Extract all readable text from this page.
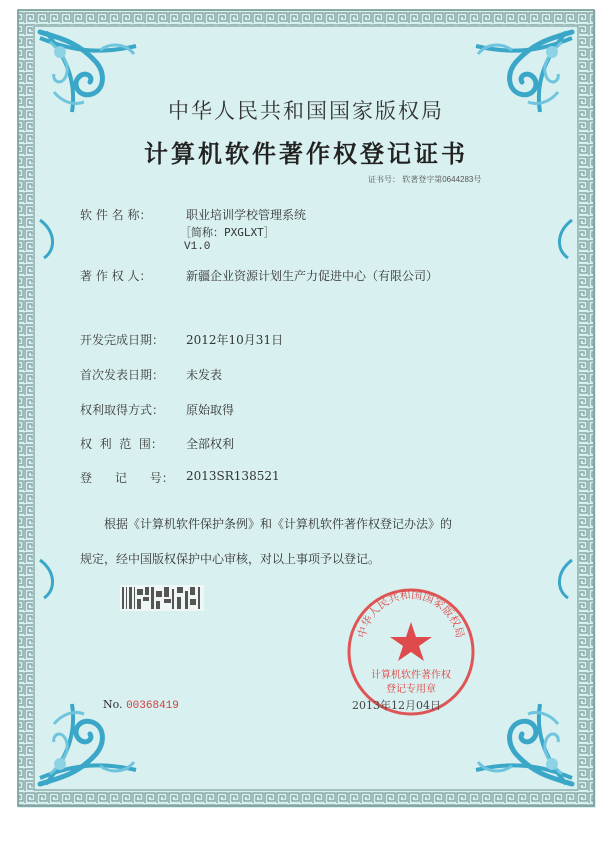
中华人民共和国国家版权局
计算机软件著作权登记证书
证书号： 软著登字第0644283号
软 件 名 称：	职业培训学校管理系统
［简称：PXGLXT］
V1.0
著 作 权 人：	新疆企业资源计划生产力促进中心（有限公司）
开发完成日期： 2012年10月31日
首次发表日期： 未发表
权利取得方式： 原始取得
权  利  范  围： 全部权利
登      记      号： 2013SR138521
根据《计算机软件保护条例》和《计算机软件著作权登记办法》的
规定，经中国版权保护中心审核，对以上事项予以登记。
No. 00368419
中华人民共和国国家版权局
计算机软件著作权
登记专用章
2013年12月04日
